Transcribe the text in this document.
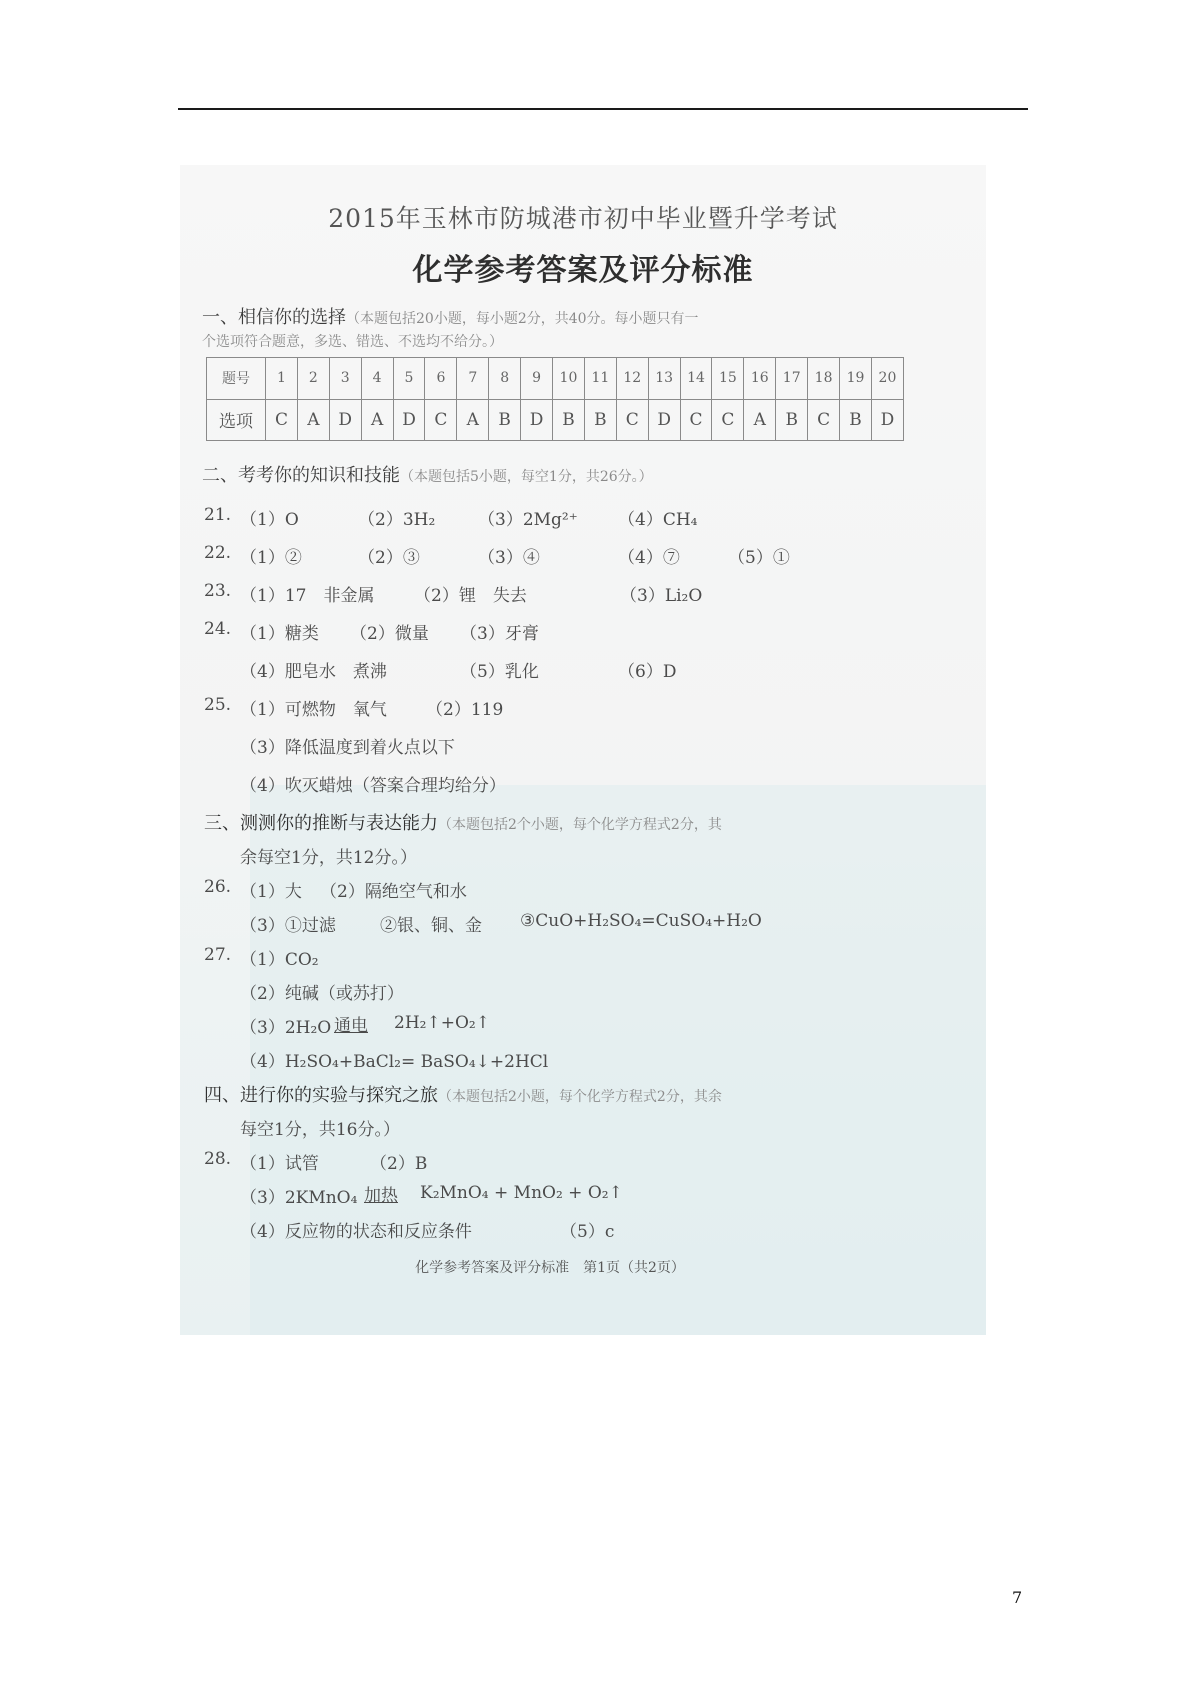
2015年玉林市防城港市初中毕业暨升学考试
化学参考答案及评分标准
一、相信你的选择（本题包括20小题，每小题2分，共40分。每小题只有一
个选项符合题意，多选、错选、不选均不给分。）
题号	1	2	3	4	5	6	7	8	9	10	11	12	13	14	15	16	17	18	19	20
选项	C	A	D	A	D	C	A	B	D	B	B	C	D	C	C	A	B	C	B	D
二、考考你的知识和技能（本题包括5小题，每空1分，共26分。）
21. （1）O	（2）3H₂	（3）2Mg²⁺ （4）CH₄
22. （1）②	（2）③	（3）④	（4）⑦	（5）①
23. （1）17　非金属 （2）锂　失去	（3）Li₂O
24. （1）糖类 （2）微量 （3）牙膏
（4）肥皂水　煮沸	（5）乳化	（6）D
25. （1）可燃物　氧气 （2）119
（3）降低温度到着火点以下
（4）吹灭蜡烛（答案合理均给分）
三、测测你的推断与表达能力（本题包括2个小题，每个化学方程式2分，其
余每空1分，共12分。）
26. （1）大 （2）隔绝空气和水
（3）①过滤	②银、铜、金 ③CuO+H₂SO₄=CuSO₄+H₂O
27. （1）CO₂
（2）纯碱（或苏打）
（3）2H₂O 通电 2H₂↑+O₂↑
（4）H₂SO₄+BaCl₂= BaSO₄↓+2HCl
四、进行你的实验与探究之旅（本题包括2小题，每个化学方程式2分，其余
每空1分，共16分。）
28. （1）试管	（2）B
（3）2KMnO₄ 加热 K₂MnO₄ + MnO₂ + O₂↑
（4）反应物的状态和反应条件	（5）c
化学参考答案及评分标准　第1页（共2页）
7
